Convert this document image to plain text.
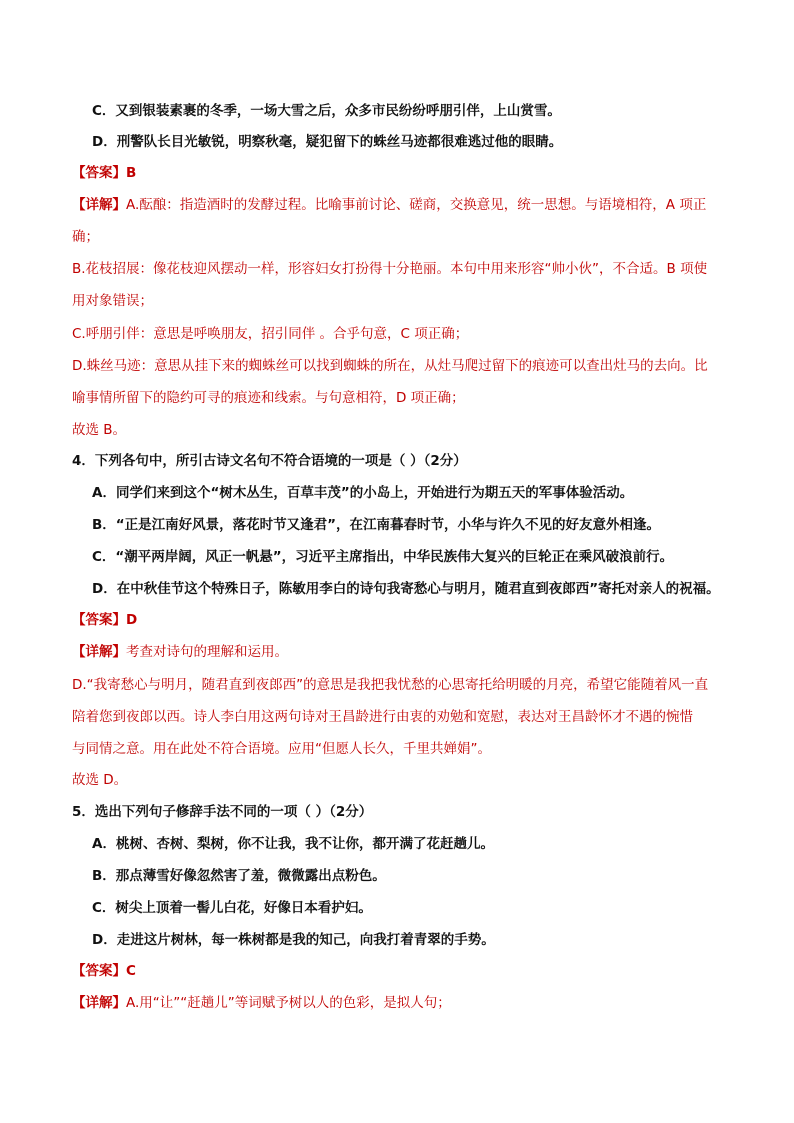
C．又到银装素裹的冬季，一场大雪之后，众多市民纷纷呼朋引伴，上山赏雪。
D．刑警队长目光敏锐，明察秋毫，疑犯留下的蛛丝马迹都很难逃过他的眼睛。
【答案】B
【详解】A.酝酿：指造酒时的发酵过程。比喻事前讨论、磋商，交换意见，统一思想。与语境相符，A 项正
确；
B.花枝招展：像花枝迎风摆动一样，形容妇女打扮得十分艳丽。本句中用来形容“帅小伙”，不合适。B 项使
用对象错误；
C.呼朋引伴：意思是呼唤朋友，招引同伴 。合乎句意，C 项正确；
D.蛛丝马迹：意思从挂下来的蜘蛛丝可以找到蜘蛛的所在，从灶马爬过留下的痕迹可以查出灶马的去向。比
喻事情所留下的隐约可寻的痕迹和线索。与句意相符，D 项正确；
故选 B。
4．下列各句中，所引古诗文名句不符合语境的一项是（ ）（2分）
A．同学们来到这个“树木丛生，百草丰茂”的小岛上，开始进行为期五天的军事体验活动。
B．“正是江南好风景，落花时节又逢君”，在江南暮春时节，小华与许久不见的好友意外相逢。
C．“潮平两岸阔，风正一帆悬”，习近平主席指出，中华民族伟大复兴的巨轮正在乘风破浪前行。
D．在中秋佳节这个特殊日子，陈敏用李白的诗句我寄愁心与明月，随君直到夜郎西”寄托对亲人的祝福。
【答案】D
【详解】考查对诗句的理解和运用。
D.“我寄愁心与明月，随君直到夜郎西”的意思是我把我忧愁的心思寄托给明暖的月亮，希望它能随着风一直
陪着您到夜郎以西。诗人李白用这两句诗对王昌龄进行由衷的劝勉和宽慰，表达对王昌龄怀才不遇的惋惜
与同情之意。用在此处不符合语境。应用“但愿人长久，千里共婵娟”。
故选 D。
5．选出下列句子修辞手法不同的一项（ ）（2分）
A．桃树、杏树、梨树，你不让我，我不让你，都开满了花赶趟儿。
B．那点薄雪好像忽然害了羞，微微露出点粉色。
C．树尖上顶着一髻儿白花，好像日本看护妇。
D．走进这片树林，每一株树都是我的知己，向我打着青翠的手势。
【答案】C
【详解】A.用“让”“赶趟儿”等词赋予树以人的色彩，是拟人句；
